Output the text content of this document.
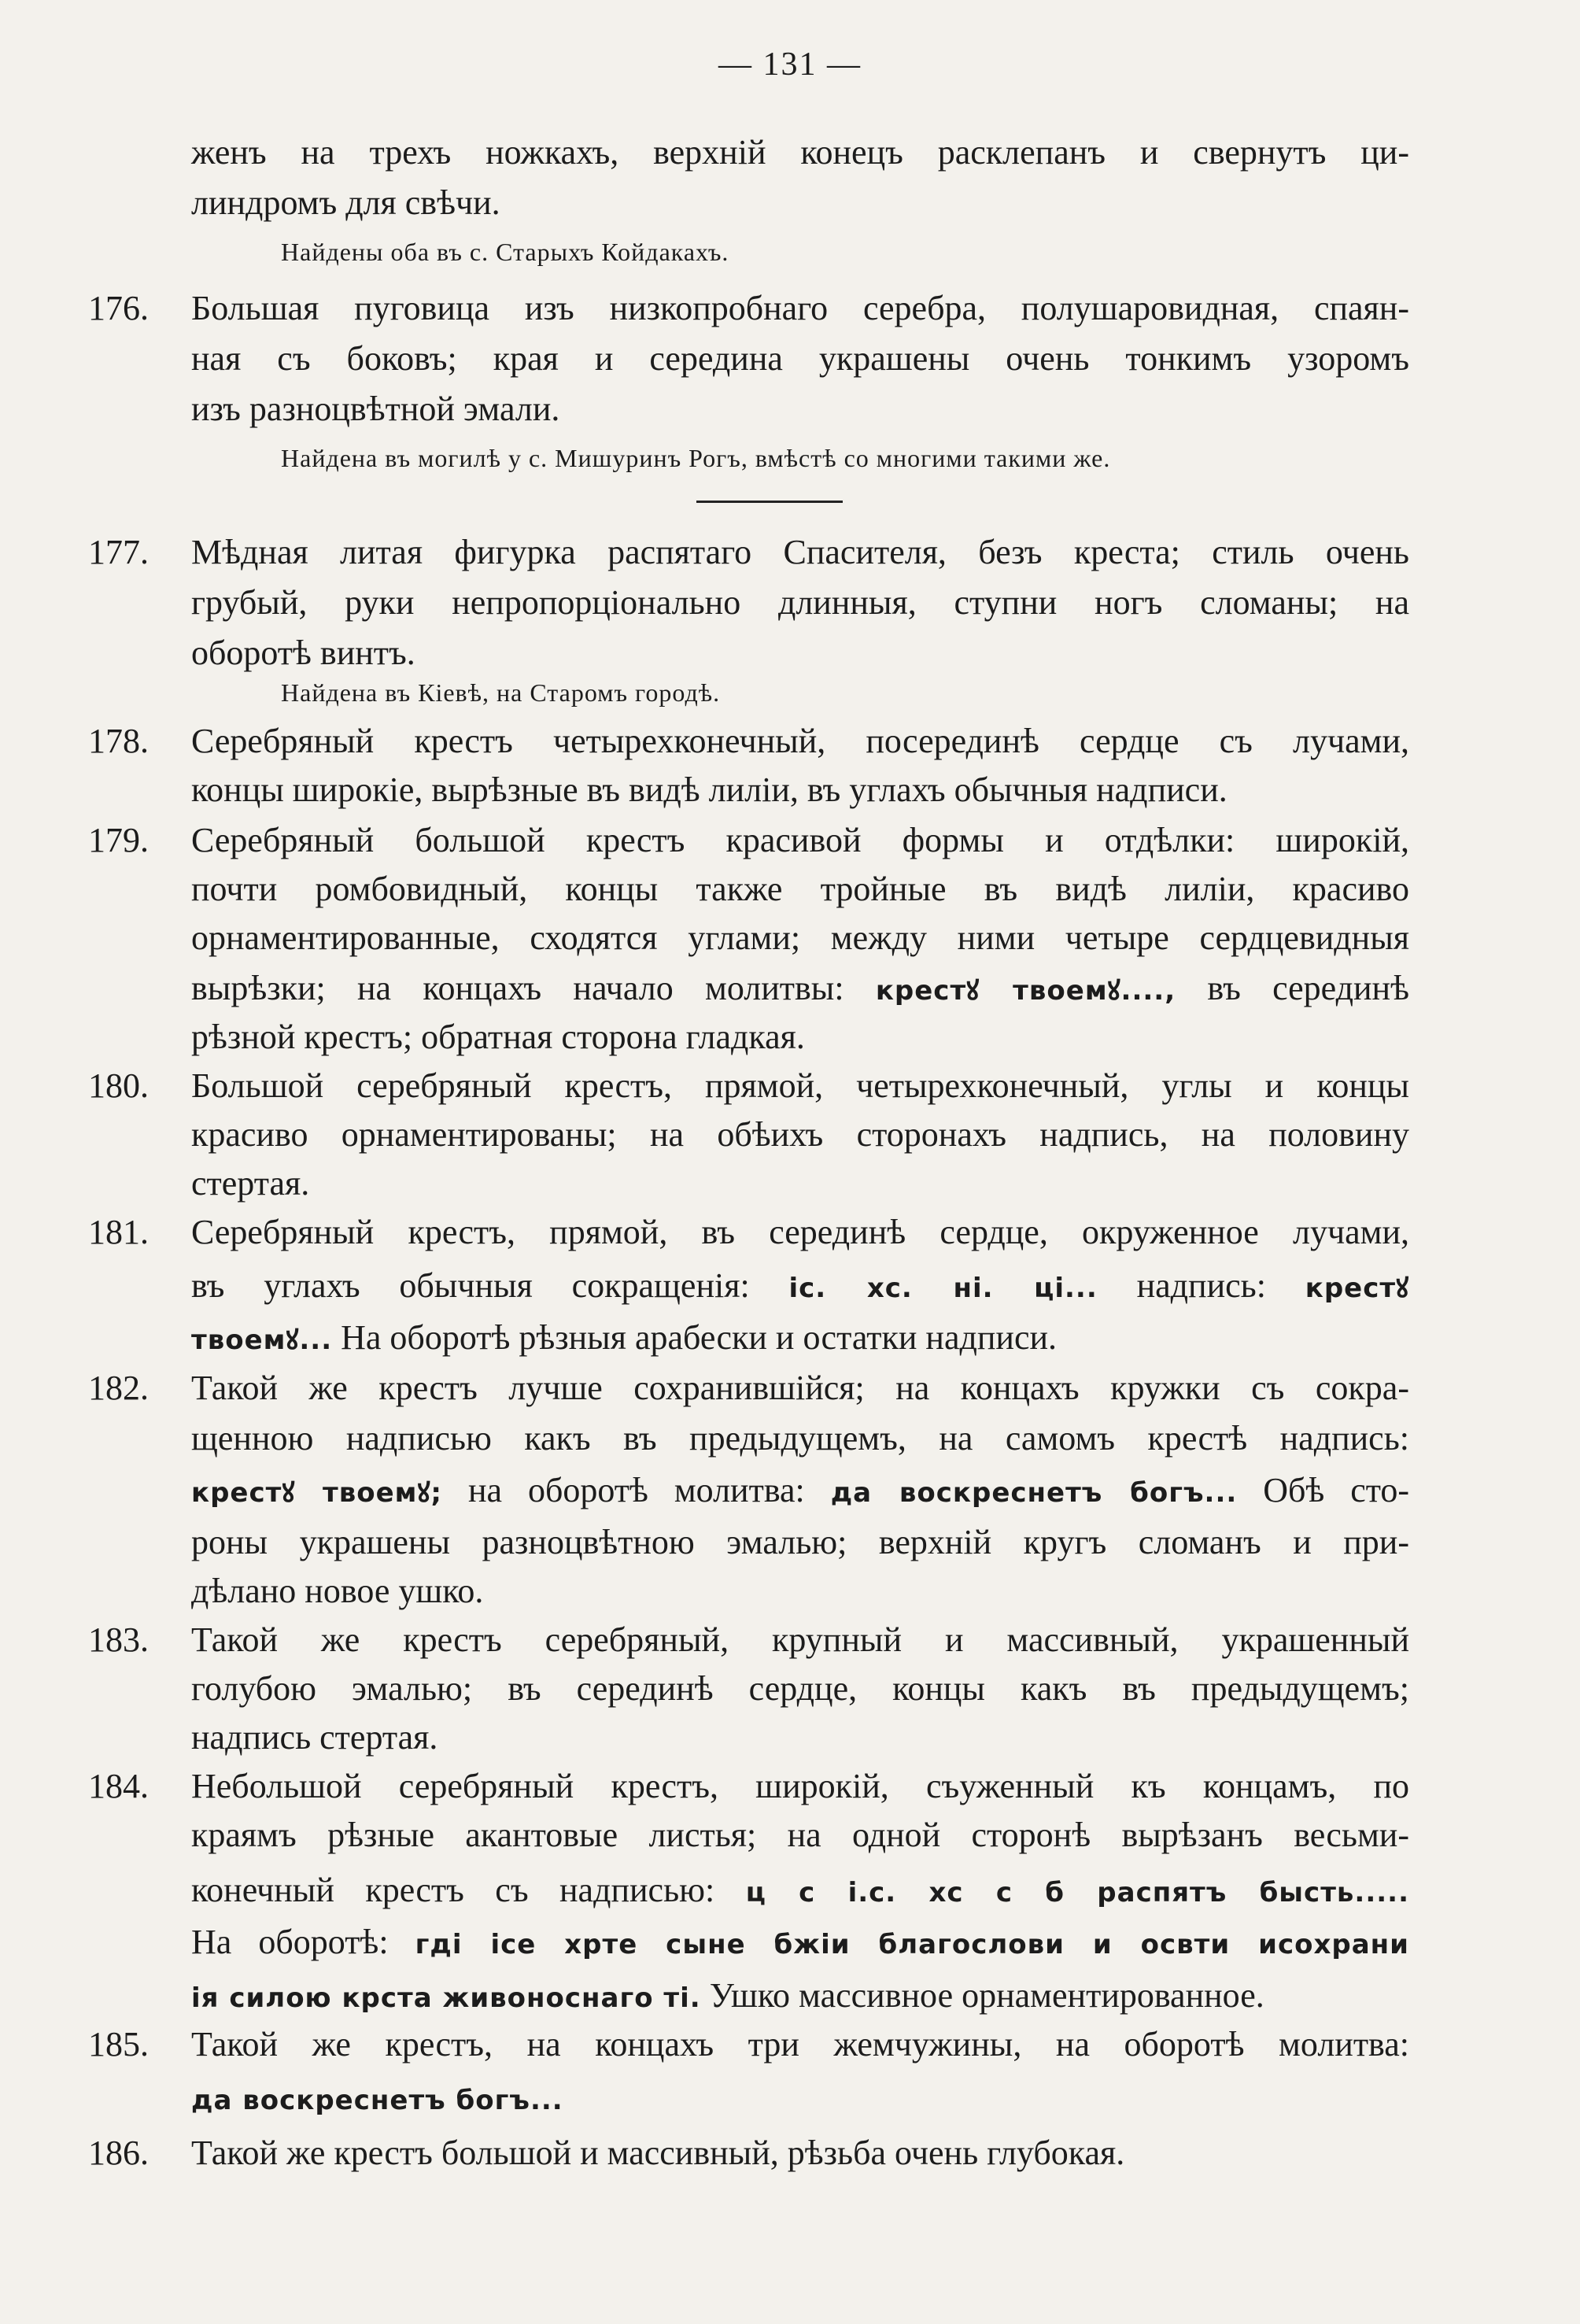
— 131 —
женъ на трехъ ножкахъ, верхній конецъ расклепанъ и свернутъ ци-
линдромъ для свѣчи.
Найдены оба въ с. Старыхъ Койдакахъ.
176. Большая пуговица изъ низкопробнаго серебра, полушаровидная, спаян-
ная съ боковъ; края и середина украшены очень тонкимъ узоромъ
изъ разноцвѣтной эмали.
Найдена въ могилѣ у с. Мишуринъ Рогъ, вмѣстѣ со многими такими же.
177. Мѣдная литая фигурка распятаго Спасителя, безъ креста; стиль очень
грубый, руки непропорціонально длинныя, ступни ногъ сломаны; на
оборотѣ винтъ.
Найдена въ Кіевѣ, на Старомъ городѣ.
178. Серебряный крестъ четырехконечный, посерединѣ сердце съ лучами,
концы широкіе, вырѣзные въ видѣ лиліи, въ углахъ обычныя надписи.
179. Серебряный большой крестъ красивой формы и отдѣлки: широкій,
почти ромбовидный, концы также тройные въ видѣ лиліи, красиво
орнаментированные, сходятся углами; между ними четыре сердцевидныя
вырѣзки; на концахъ начало молитвы: крестꙋ твоемꙋ...., въ серединѣ
рѣзной крестъ; обратная сторона гладкая.
180. Большой серебряный крестъ, прямой, четырехконечный, углы и концы
красиво орнаментированы; на обѣихъ сторонахъ надпись, на половину
стертая.
181. Серебряный крестъ, прямой, въ серединѣ сердце, окруженное лучами,
въ углахъ обычныя сокращенія: іс. хс. нi. цi... надпись: крестꙋ
твоемꙋ... На оборотѣ рѣзныя арабески и остатки надписи.
182. Такой же крестъ лучше сохранившійся; на концахъ кружки съ сокра-
щенною надписью какъ въ предыдущемъ, на самомъ крестѣ надпись:
крестꙋ твоемꙋ; на оборотѣ молитва: да воскреснетъ богъ... Обѣ сто-
роны украшены разноцвѣтною эмалью; верхній кругъ сломанъ и при-
дѣлано новое ушко.
183. Такой же крестъ серебряный, крупный и массивный, украшенный
голубою эмалью; въ серединѣ сердце, концы какъ въ предыдущемъ;
надпись стертая.
184. Небольшой серебряный крестъ, широкій, съуженный къ концамъ, по
краямъ рѣзные акантовые листья; на одной сторонѣ вырѣзанъ весьми-
конечный крестъ съ надписью: ц с і.с. хс с б распятъ бысть.....
На оборотѣ: гдi iсе хрте сыне бжiи благослови и освти исохрани
iя силою крста живоноснаго тi. Ушко массивное орнаментированное.
185. Такой же крестъ, на концахъ три жемчужины, на оборотѣ молитва:
да воскреснетъ богъ...
186. Такой же крестъ большой и массивный, рѣзьба очень глубокая.
